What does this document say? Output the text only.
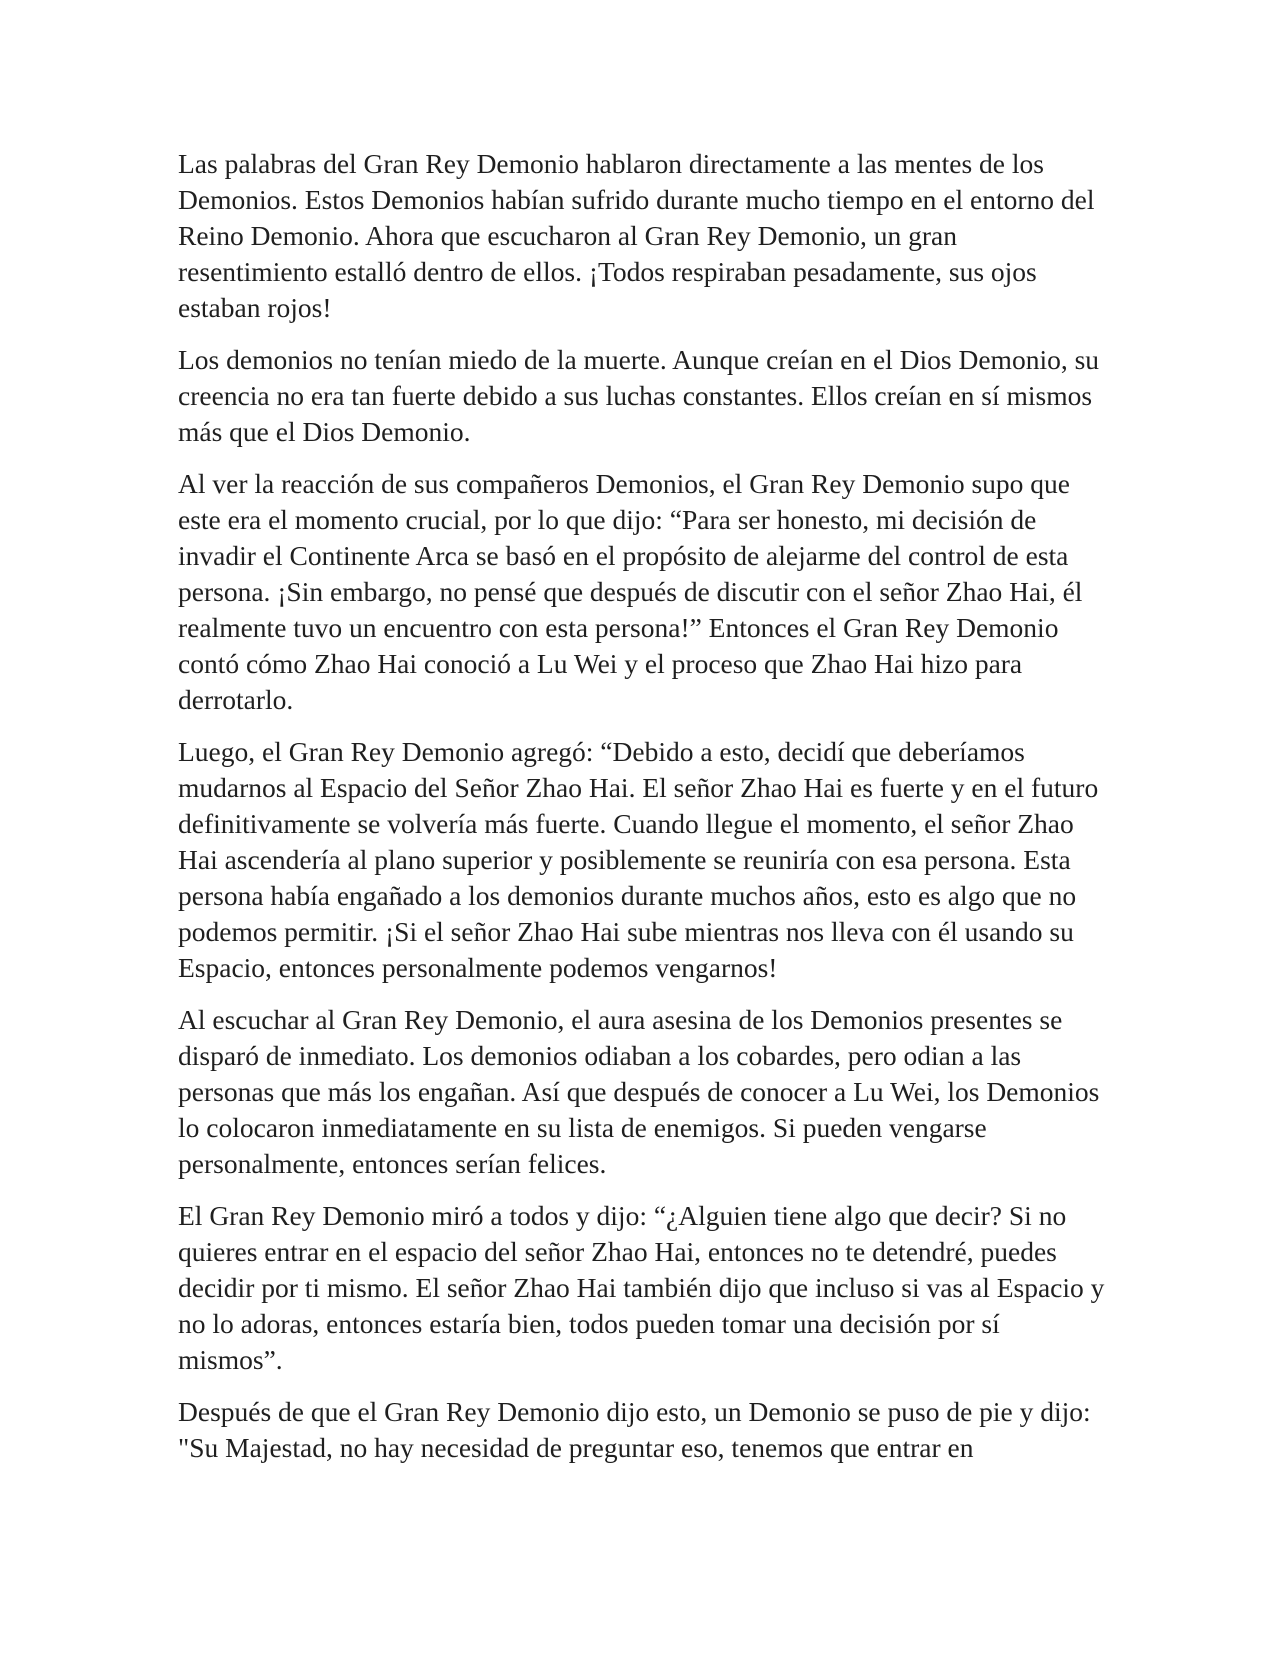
Las palabras del Gran Rey Demonio hablaron directamente a las mentes de los Demonios. Estos Demonios habían sufrido durante mucho tiempo en el entorno del Reino Demonio. Ahora que escucharon al Gran Rey Demonio, un gran resentimiento estalló dentro de ellos. ¡Todos respiraban pesadamente, sus ojos estaban rojos!

Los demonios no tenían miedo de la muerte. Aunque creían en el Dios Demonio, su creencia no era tan fuerte debido a sus luchas constantes. Ellos creían en sí mismos más que el Dios Demonio.

Al ver la reacción de sus compañeros Demonios, el Gran Rey Demonio supo que este era el momento crucial, por lo que dijo: “Para ser honesto, mi decisión de invadir el Continente Arca se basó en el propósito de alejarme del control de esta persona. ¡Sin embargo, no pensé que después de discutir con el señor Zhao Hai, él realmente tuvo un encuentro con esta persona!” Entonces el Gran Rey Demonio contó cómo Zhao Hai conoció a Lu Wei y el proceso que Zhao Hai hizo para derrotarlo.

Luego, el Gran Rey Demonio agregó: “Debido a esto, decidí que deberíamos mudarnos al Espacio del Señor Zhao Hai. El señor Zhao Hai es fuerte y en el futuro definitivamente se volvería más fuerte. Cuando llegue el momento, el señor Zhao Hai ascendería al plano superior y posiblemente se reuniría con esa persona. Esta persona había engañado a los demonios durante muchos años, esto es algo que no podemos permitir. ¡Si el señor Zhao Hai sube mientras nos lleva con él usando su Espacio, entonces personalmente podemos vengarnos!

Al escuchar al Gran Rey Demonio, el aura asesina de los Demonios presentes se disparó de inmediato. Los demonios odiaban a los cobardes, pero odian a las personas que más los engañan. Así que después de conocer a Lu Wei, los Demonios lo colocaron inmediatamente en su lista de enemigos. Si pueden vengarse personalmente, entonces serían felices.

El Gran Rey Demonio miró a todos y dijo: “¿Alguien tiene algo que decir? Si no quieres entrar en el espacio del señor Zhao Hai, entonces no te detendré, puedes decidir por ti mismo. El señor Zhao Hai también dijo que incluso si vas al Espacio y no lo adoras, entonces estaría bien, todos pueden tomar una decisión por sí mismos”.

Después de que el Gran Rey Demonio dijo esto, un Demonio se puso de pie y dijo: "Su Majestad, no hay necesidad de preguntar eso, tenemos que entrar en
